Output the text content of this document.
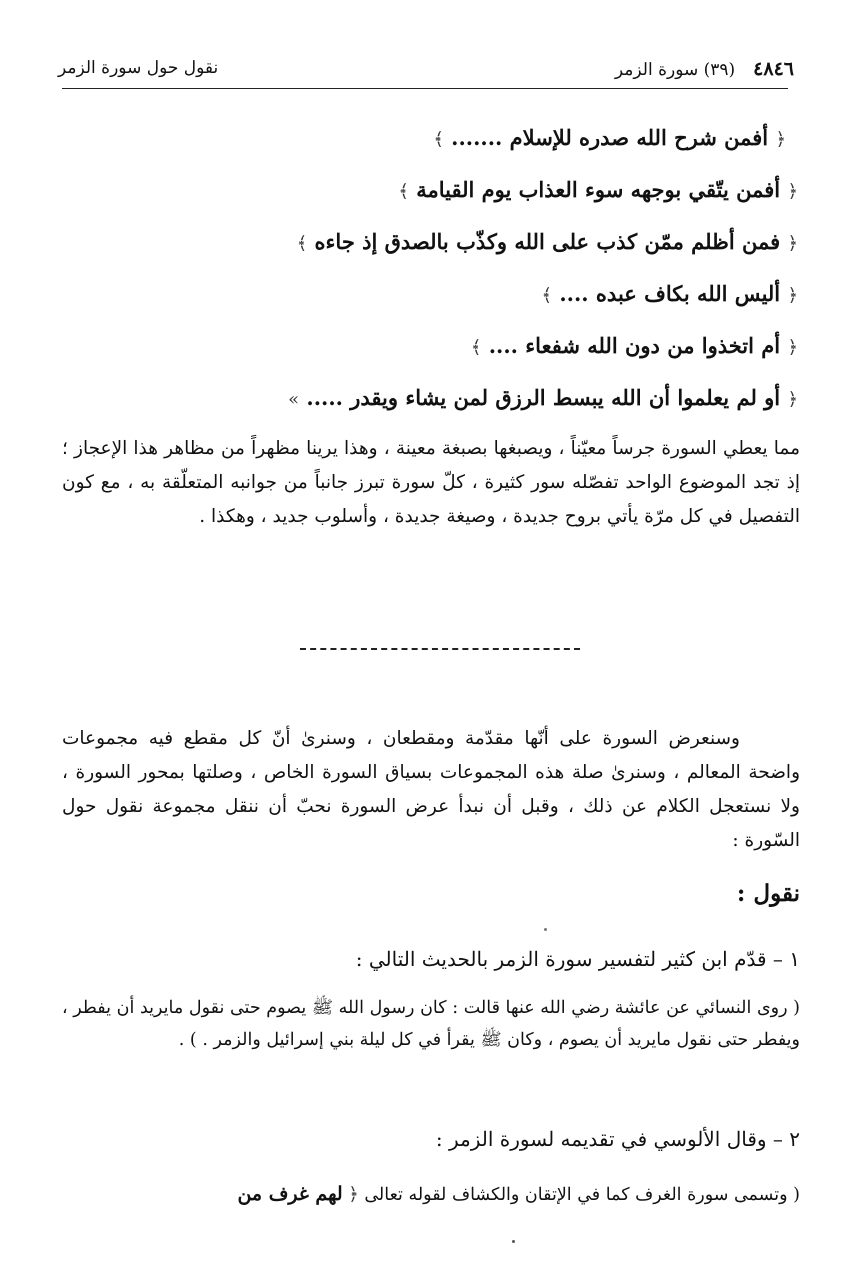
٤٨٤٦(٣٩) سورة الزمر
نقول حول سورة الزمر
﴿ أفمن شرح الله صدره للإسلام ....... ﴾
﴿ أفمن يتّقي بوجهه سوء العذاب يوم القيامة ﴾
﴿ فمن أظلم ممّن كذب على الله وكذّب بالصدق إذ جاءه ﴾
﴿ أليس الله بكاف عبده .... ﴾
﴿ أم اتخذوا من دون الله شفعاء .... ﴾
﴿ أو لم يعلموا أن الله يبسط الرزق لمن يشاء ويقدر ..... »

مما يعطي السورة جرساً معيّناً ، ويصبغها بصبغة معينة ، وهذا يرينا مظهراً من مظاهر هذا الإعجاز ؛ إذ تجد الموضوع الواحد تفصّله سور كثيرة ، كلّ سورة تبرز جانباً من جوانبه المتعلّقة به ، مع كون التفصيل في كل مرّة يأتي بروح جديدة ، وصيغة جديدة ، وأسلوب جديد ، وهكذا .

وسنعرض السورة على أنّها مقدّمة ومقطعان ، وسنرىٰ أنّ كل مقطع فيه مجموعات واضحة المعالم ، وسنرىٰ صلة هذه المجموعات بسياق السورة الخاص ، وصلتها بمحور السورة ، ولا نستعجل الكلام عن ذلك ، وقبل أن نبدأ عرض السورة نحبّ أن ننقل مجموعة نقول حول السّورة :

نقول :
١ – قدّم ابن كثير لتفسير سورة الزمر بالحديث التالي :

( روى النسائي عن عائشة رضي الله عنها قالت : كان رسول الله ﷺ يصوم حتى نقول مايريد أن يفطر ، ويفطر حتى نقول مايريد أن يصوم ، وكان ﷺ يقرأ في كل ليلة بني إسرائيل والزمر . ) .

٢ – وقال الألوسي في تقديمه لسورة الزمر :
( وتسمى سورة الغرف كما في الإتقان والكشاف لقوله تعالى ﴿ لهم غرف من
